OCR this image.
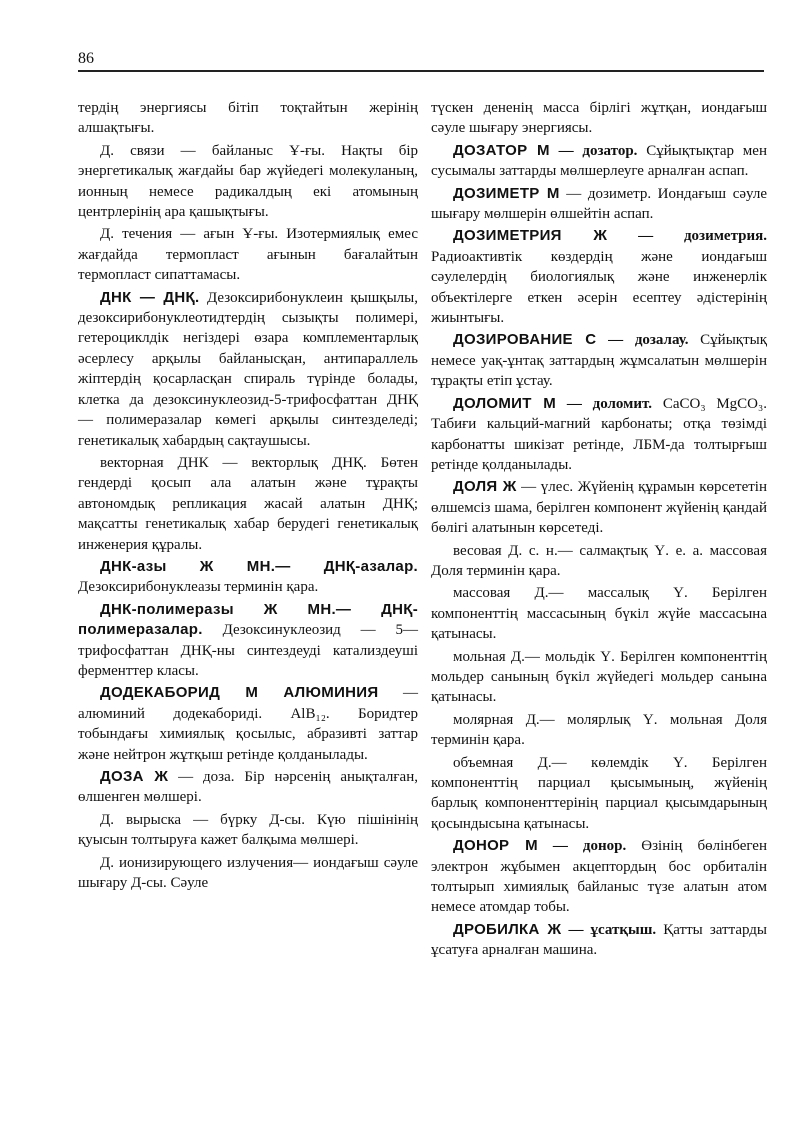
86

тердің энергиясы бітіп тоқтайтын жерінің алшақтығы.

Д. связи — байланыс Ұ-ғы. Нақты бір энергетикалық жағдайы бар жүйедегі молекуланың, ионның немесе радикалдың екі атомының центрлерінің ара қашықтығы.

Д. течения — ағын Ұ-ғы. Изотермиялық емес жағдайда термопласт ағынын бағалайтын термопласт сипаттамасы.

ДНК — ДНҚ. Дезоксирибонуклеин қышқылы, дезоксирибонуклеотидтердің сызықты полимері, гетероциклдік негіздері өзара комплементарлық әсерлесу арқылы байланысқан, антипараллель жіптердің қосарласқан спираль түрінде болады, клетка да дезоксинуклеозид-5-трифосфаттан ДНҚ — полимеразалар көмегі арқылы синтезделеді; генетикалық хабардың сақтаушысы.

векторная ДНК — векторлық ДНҚ. Бөтен гендерді қосып ала алатын және тұрақты автономдық репликация жасай алатын ДНҚ; мақсатты генетикалық хабар берудегі генетикалық инженерия құралы.

ДНК-азы Ж МН.— ДНҚ-азалар. Дезоксирибонуклеазы терминін қара.

ДНК-полимеразы Ж МН.— ДНҚ-полимеразалар. Дезоксинуклеозид — 5— трифосфаттан ДНҚ-ны синтездеуді катализдеуші ферменттер класы.

ДОДЕКАБОРИД М АЛЮМИНИЯ — алюминий додекабориді. AlB₁₂. Боридтер тобындағы химиялық қосылыс, абразивті заттар және нейтрон жұтқыш ретінде қолданылады.

ДОЗА Ж — доза. Бір нәрсенің анықталған, өлшенген мөлшері.

Д. вырыска — бүрку Д-сы. Күю пішінінің қуысын толтыруға кажет балқыма мөлшері.

Д. ионизирующего излучения— иондағыш сәуле шығару Д-сы. Сәуле

түскен дененің масса бірлігі жұтқан, иондағыш сәуле шығару энергиясы.

ДОЗАТОР М — дозатор. Сұйықтықтар мен сусымалы заттарды мөлшерлеуге арналған аспап.

ДОЗИМЕТР М — дозиметр. Иондағыш сәуле шығару мөлшерін өлшейтін аспап.

ДОЗИМЕТРИЯ Ж — дозиметрия. Радиоактивтік көздердің және иондағыш сәулелердің биологиялық және инженерлік объектілерге еткен әсерін есептеу әдістерінің жиынтығы.

ДОЗИРОВАНИЕ С — дозалау. Сұйықтық немесе уақ-ұнтақ заттардың жұмсалатын мөлшерін тұрақты етіп ұстау.

ДОЛОМИТ М — доломит. CaCO₃ MgCO₃. Табиғи кальций-магний карбонаты; отқа төзімді карбонатты шикізат ретінде, ЛБМ-да толтырғыш ретінде қолданылады.

ДОЛЯ Ж — үлес. Жүйенің құрамын көрсететін өлшемсіз шама, берілген компонент жүйенің қандай бөлігі алатынын көрсетеді.

весовая Д. с. н.— салмақтық Ү. е. а. массовая Доля терминін қара.

массовая Д.— массалық Ү. Берілген компоненттің массасының бүкіл жүйе массасына қатынасы.

мольная Д.— мольдік Ү. Берілген компоненттің мольдер санының бүкіл жүйедегі мольдер санына қатынасы.

молярная Д.— молярлық Ү. мольная Доля терминін қара.

объемная Д.— көлемдік Ү. Берілген компоненттің парциал қысымының, жүйенің барлық компоненттерінің парциал қысымдарының қосындысына қатынасы.

ДОНОР М — донор. Өзінің бөлінбеген электрон жұбымен акцептордың бос орбиталін толтырып химиялық байланыс түзе алатын атом немесе атомдар тобы.

ДРОБИЛКА Ж — ұсатқыш. Қатты заттарды ұсатуға арналған машина.
